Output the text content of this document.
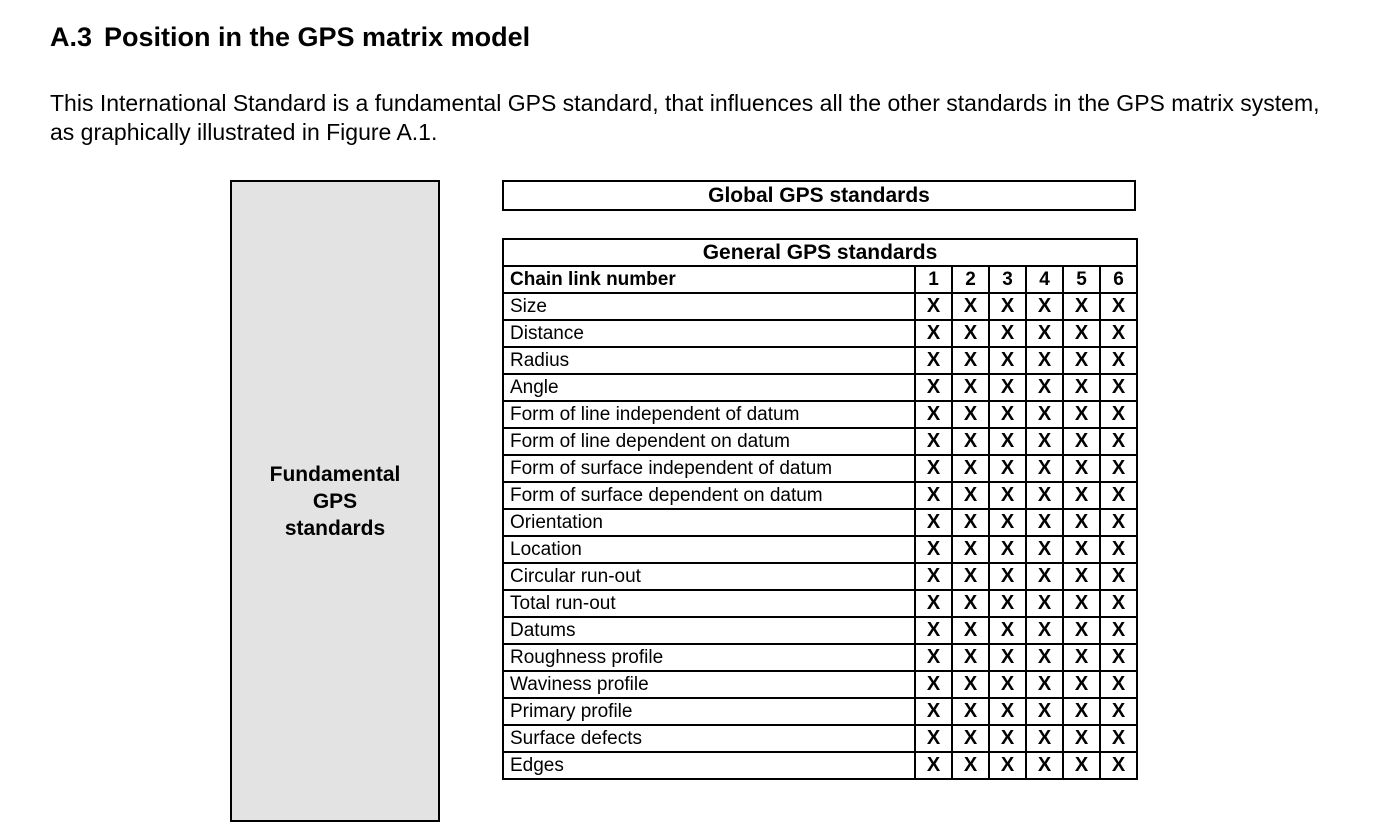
A.3 Position in the GPS matrix model
This International Standard is a fundamental GPS standard, that influences all the other standards in the GPS matrix system, as graphically illustrated in Figure A.1.
Fundamental
GPS
standards
Global GPS standards
General GPS standards						
Chain link number	1	2	3	4	5	6
Size	X	X	X	X	X	X
Distance	X	X	X	X	X	X
Radius	X	X	X	X	X	X
Angle	X	X	X	X	X	X
Form of line independent of datum	X	X	X	X	X	X
Form of line dependent on datum	X	X	X	X	X	X
Form of surface independent of datum	X	X	X	X	X	X
Form of surface dependent on datum	X	X	X	X	X	X
Orientation	X	X	X	X	X	X
Location	X	X	X	X	X	X
Circular run-out	X	X	X	X	X	X
Total run-out	X	X	X	X	X	X
Datums	X	X	X	X	X	X
Roughness profile	X	X	X	X	X	X
Waviness profile	X	X	X	X	X	X
Primary profile	X	X	X	X	X	X
Surface defects	X	X	X	X	X	X
Edges	X	X	X	X	X	X
